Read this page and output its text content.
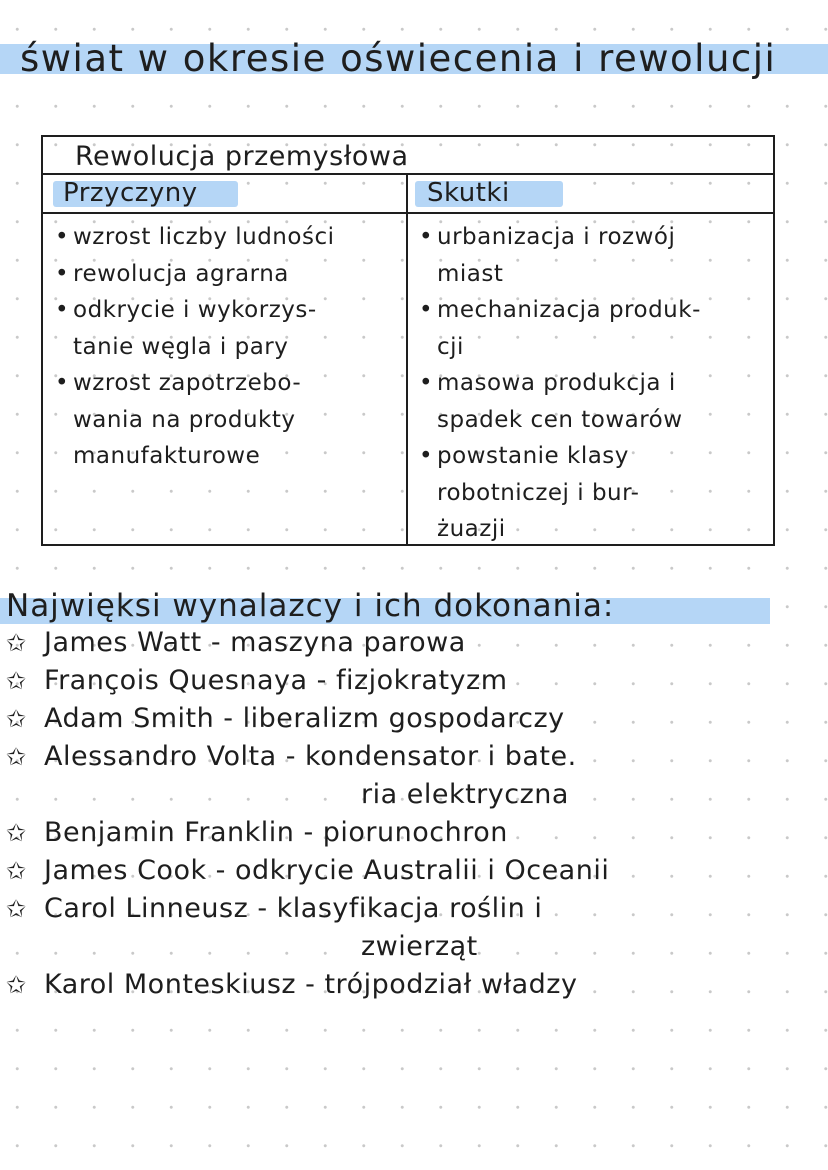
świat w okresie oświecenia i rewolucji
Rewolucja przemysłowa
Przyczyny	Skutki
• wzrost liczby ludności
• rewolucja agrarna
• odkrycie i wykorzys-
tanie węgla i pary
• wzrost zapotrzebo-
wania na produkty
manufakturowe
• urbanizacja i rozwój
miast
• mechanizacja produk-
cji
• masowa produkcja i
spadek cen towarów
• powstanie klasy
robotniczej i bur-
żuazji
Najwięksi wynalazcy i ich dokonania:
✩ James Watt - maszyna parowa
✩ François Quesnaya - fizjokratyzm
✩ Adam Smith - liberalizm gospodarczy
✩ Alessandro Volta - kondensator i bate.
ria elektryczna
✩ Benjamin Franklin - piorunochron
✩ James Cook - odkrycie Australii i Oceanii
✩ Carol Linneusz - klasyfikacja roślin i
zwierząt
✩ Karol Monteskiusz - trójpodział władzy
